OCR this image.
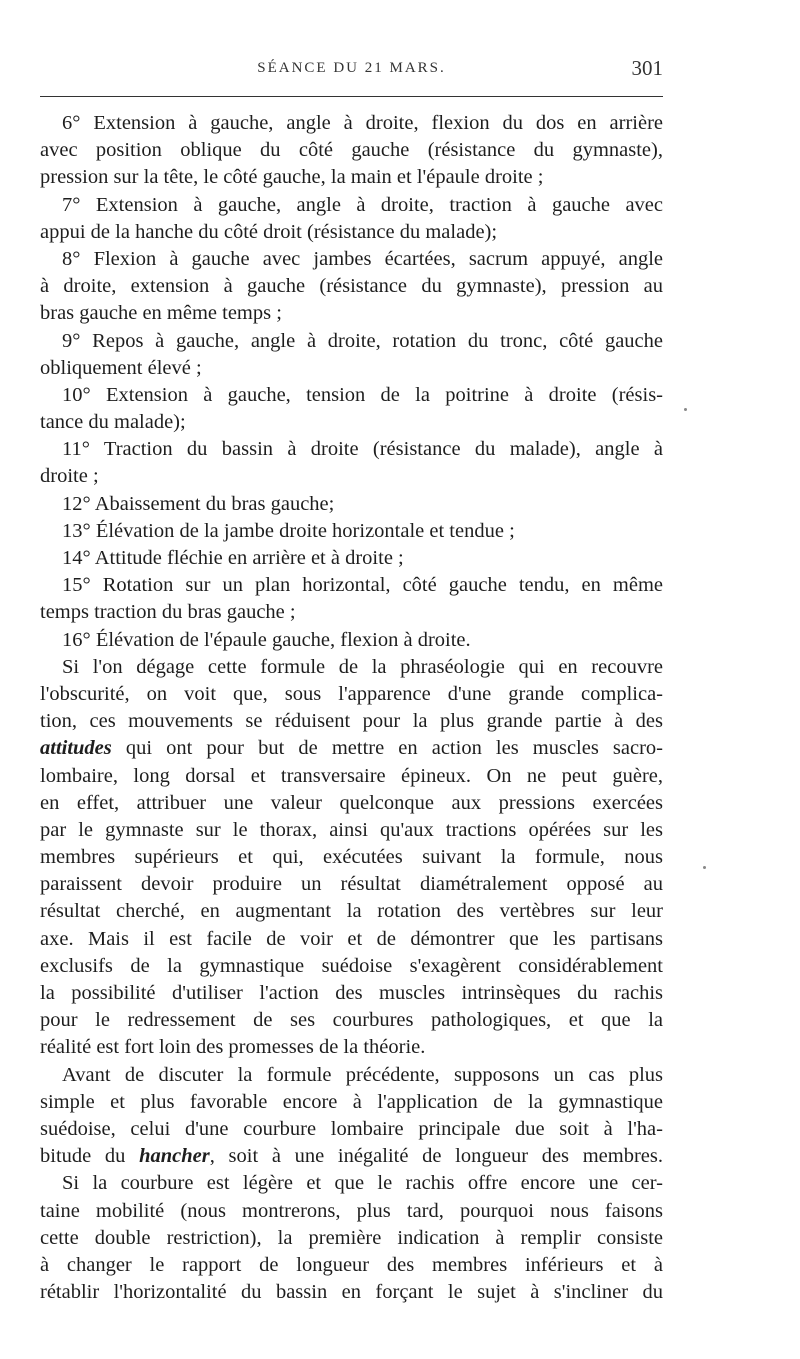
SÉANCE DU 21 MARS.	301
6° Extension à gauche, angle à droite, flexion du dos en arrière
avec position oblique du côté gauche (résistance du gymnaste),
pression sur la tête, le côté gauche, la main et l'épaule droite ;
7° Extension à gauche, angle à droite, traction à gauche avec
appui de la hanche du côté droit (résistance du malade);
8° Flexion à gauche avec jambes écartées, sacrum appuyé, angle
à droite, extension à gauche (résistance du gymnaste), pression au
bras gauche en même temps ;
9° Repos à gauche, angle à droite, rotation du tronc, côté gauche
obliquement élevé ;
10° Extension à gauche, tension de la poitrine à droite (résis-
tance du malade);
11° Traction du bassin à droite (résistance du malade), angle à
droite ;
12° Abaissement du bras gauche;
13° Élévation de la jambe droite horizontale et tendue ;
14° Attitude fléchie en arrière et à droite ;
15° Rotation sur un plan horizontal, côté gauche tendu, en même
temps traction du bras gauche ;
16° Élévation de l'épaule gauche, flexion à droite.
Si l'on dégage cette formule de la phraséologie qui en recouvre
l'obscurité, on voit que, sous l'apparence d'une grande complica-
tion, ces mouvements se réduisent pour la plus grande partie à des
attitudes qui ont pour but de mettre en action les muscles sacro-
lombaire, long dorsal et transversaire épineux. On ne peut guère,
en effet, attribuer une valeur quelconque aux pressions exercées
par le gymnaste sur le thorax, ainsi qu'aux tractions opérées sur les
membres supérieurs et qui, exécutées suivant la formule, nous
paraissent devoir produire un résultat diamétralement opposé au
résultat cherché, en augmentant la rotation des vertèbres sur leur
axe. Mais il est facile de voir et de démontrer que les partisans
exclusifs de la gymnastique suédoise s'exagèrent considérablement
la possibilité d'utiliser l'action des muscles intrinsèques du rachis
pour le redressement de ses courbures pathologiques, et que la
réalité est fort loin des promesses de la théorie.
Avant de discuter la formule précédente, supposons un cas plus
simple et plus favorable encore à l'application de la gymnastique
suédoise, celui d'une courbure lombaire principale due soit à l'ha-
bitude du hancher, soit à une inégalité de longueur des membres.
Si la courbure est légère et que le rachis offre encore une cer-
taine mobilité (nous montrerons, plus tard, pourquoi nous faisons
cette double restriction), la première indication à remplir consiste
à changer le rapport de longueur des membres inférieurs et à
rétablir l'horizontalité du bassin en forçant le sujet à s'incliner du
